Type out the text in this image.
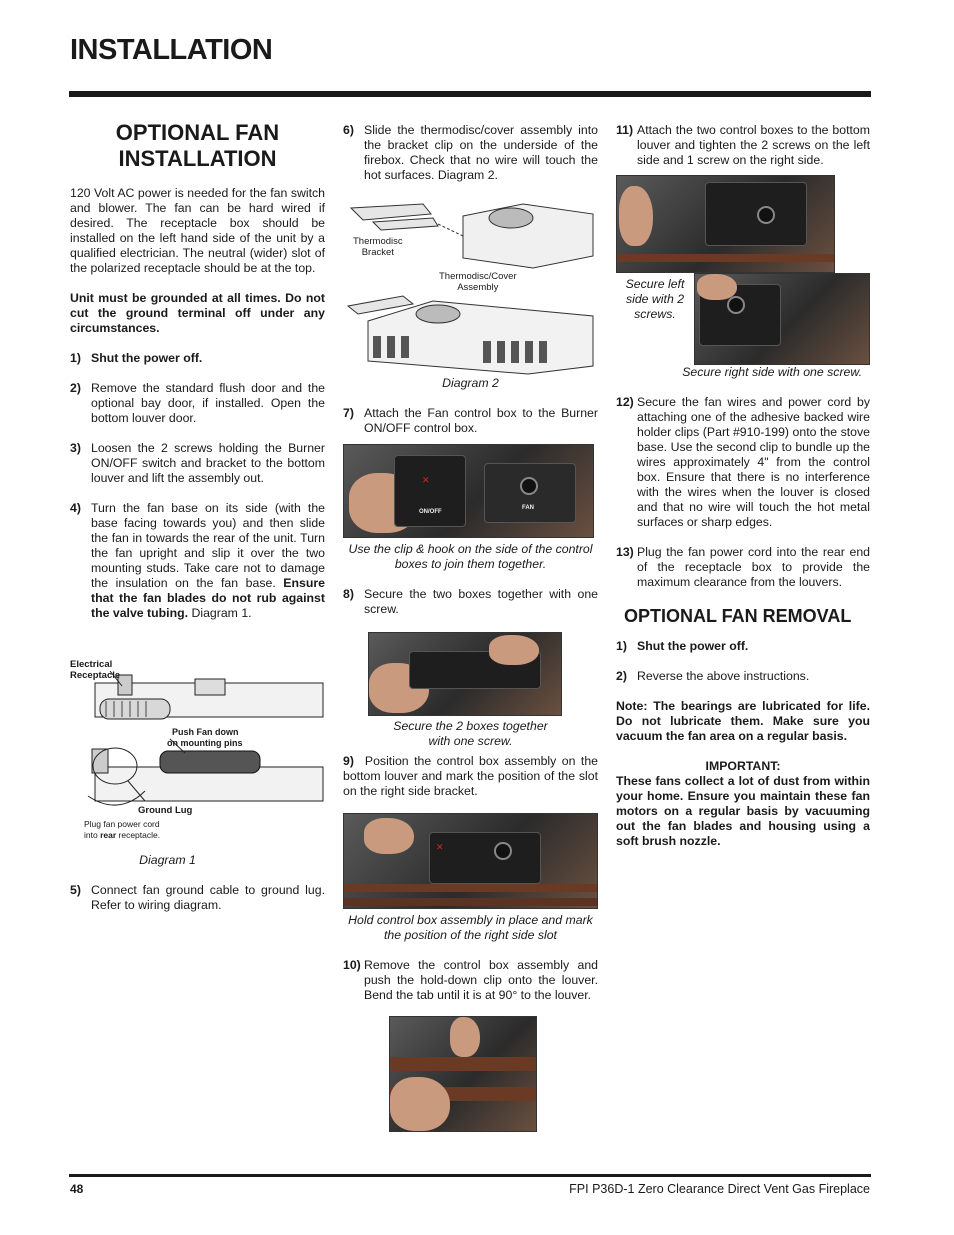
INSTALLATION
OPTIONAL FAN
INSTALLATION

120 Volt AC power is needed for the fan switch and blower. The fan can be hard wired if desired. The receptacle box should be installed on the left hand side of the unit by a qualified electrician. The neutral (wider) slot of the polarized receptacle should be at the top.

Unit must be grounded at all times. Do not cut the ground terminal off under any circumstances.

1) Shut the power off.
2) Remove the standard flush door and the optional bay door, if installed. Open the bottom louver door.
3) Loosen the 2 screws holding the Burner ON/OFF switch and bracket to the bottom louver and lift the assembly out.
4) Turn the fan base on its side (with the base facing towards you) and then slide the fan in towards the rear of the unit. Turn the fan upright and slip it over the two mounting studs. Take care not to damage the insulation on the fan base. Ensure that the fan blades do not rub against the valve tubing. Diagram 1.
Electrical
Receptacle
Push Fan down
on mounting pins
Ground Lug
Plug fan power cord
into rear receptacle.
Diagram 1
5) Connect fan ground cable to ground lug. Refer to wiring diagram.
6) Slide the thermodisc/cover assembly into the bracket clip on the underside of the firebox. Check that no wire will touch the hot surfaces. Diagram 2.
Thermodisc
Bracket
Thermodisc/Cover
Assembly
Diagram 2
7) Attach the Fan control box to the Burner ON/OFF control box.
✕
ON/OFF
FAN
Use the clip & hook on the side of the control boxes to join them together.
8) Secure the two boxes together with one screw.
Secure the 2 boxes together
with one screw.
9) Position the control box assembly on the bottom louver and mark the position of the slot on the right side bracket.
✕
Hold control box assembly in place and mark the position of the right side slot
10) Remove the control box assembly and push the hold-down clip onto the louver. Bend the tab until it is at 90° to the louver.
11) Attach the two control boxes to the bottom louver and tighten the 2 screws on the left side and 1 screw on the right side.
Secure left
side with 2
screws.
Secure right side with one screw.
12) Secure the fan wires and power cord by attaching one of the adhesive backed wire holder clips (Part #910-199) onto the stove base. Use the second clip to bundle up the wires approximately 4" from the control box. Ensure that there is no interference with the wires when the louver is closed and that no wire will touch the hot metal surfaces or sharp edges.
13) Plug the fan power cord into the rear end of the receptacle box to provide the maximum clearance from the louvers.
OPTIONAL FAN REMOVAL
1) Shut the power off.
2) Reverse the above instructions.

Note: The bearings are lubricated for life. Do not lubricate them. Make sure you vacuum the fan area on a regular basis.

IMPORTANT:

These fans collect a lot of dust from within your home. Ensure you maintain these fan motors on a regular basis by vacuuming out the fan blades and housing using a soft brush nozzle.

48	FPI P36D-1 Zero Clearance Direct Vent Gas Fireplace
